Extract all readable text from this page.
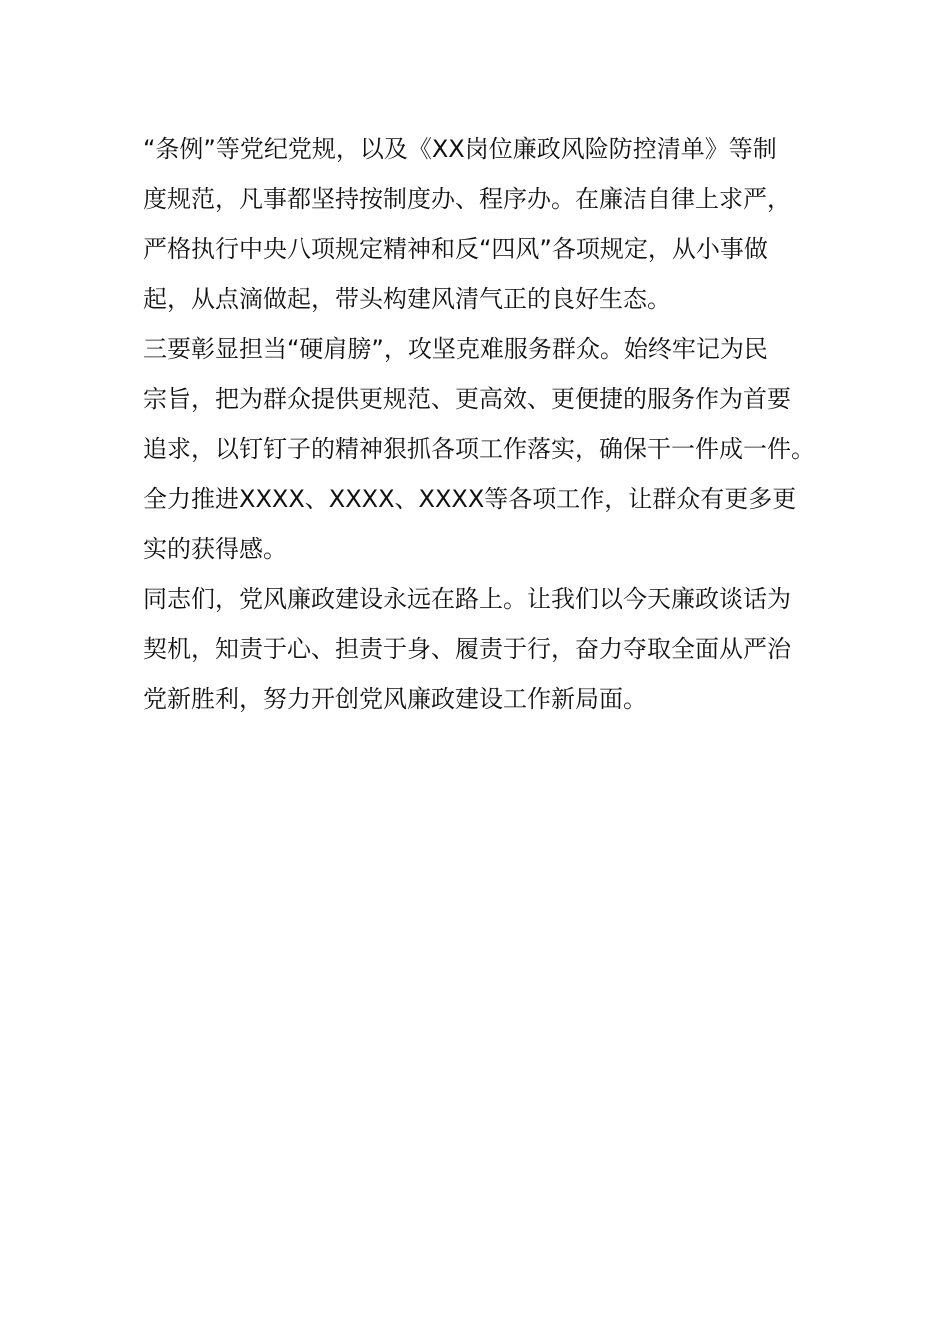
“条例”等党纪党规，以及《XX岗位廉政风险防控清单》等制
度规范，凡事都坚持按制度办、程序办。在廉洁自律上求严，
严格执行中央八项规定精神和反“四风”各项规定，从小事做
起，从点滴做起，带头构建风清气正的良好生态。
三要彰显担当“硬肩膀”，攻坚克难服务群众。始终牢记为民
宗旨，把为群众提供更规范、更高效、更便捷的服务作为首要
追求，以钉钉子的精神狠抓各项工作落实，确保干一件成一件。
全力推进XXXX、XXXX、XXXX等各项工作，让群众有更多更
实的获得感。
同志们，党风廉政建设永远在路上。让我们以今天廉政谈话为
契机，知责于心、担责于身、履责于行，奋力夺取全面从严治
党新胜利，努力开创党风廉政建设工作新局面。
